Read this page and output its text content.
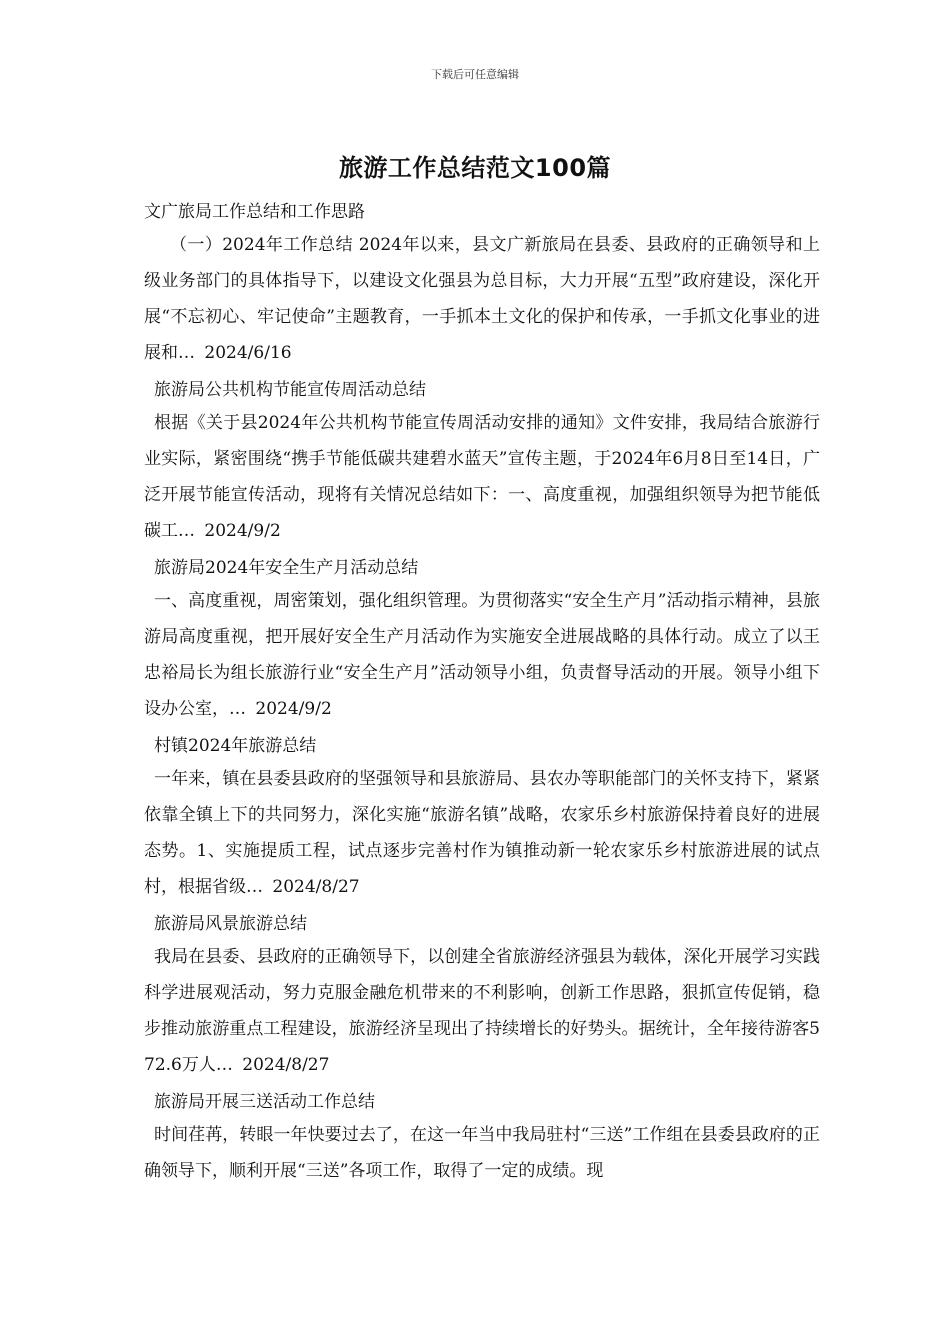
下载后可任意编辑
旅游工作总结范文100篇

文广旅局工作总结和工作思路

（一）2024年工作总结 2024年以来，县文广新旅局在县委、县政府的正确领导和上级业务部门的具体指导下，以建设文化强县为总目标，大力开展“五型”政府建设，深化开展“不忘初心、牢记使命”主题教育，一手抓本土文化的保护和传承，一手抓文化事业的进展和… 2024/6/16

旅游局公共机构节能宣传周活动总结

根据《关于县2024年公共机构节能宣传周活动安排的通知》文件安排，我局结合旅游行业实际，紧密围绕“携手节能低碳共建碧水蓝天”宣传主题，于2024年6月8日至14日，广泛开展节能宣传活动，现将有关情况总结如下：一、高度重视，加强组织领导为把节能低碳工… 2024/9/2

旅游局2024年安全生产月活动总结

一、高度重视，周密策划，强化组织管理。为贯彻落实“安全生产月”活动指示精神，县旅游局高度重视，把开展好安全生产月活动作为实施安全进展战略的具体行动。成立了以王忠裕局长为组长旅游行业“安全生产月”活动领导小组，负责督导活动的开展。领导小组下设办公室，… 2024/9/2

村镇2024年旅游总结

一年来，镇在县委县政府的坚强领导和县旅游局、县农办等职能部门的关怀支持下，紧紧依靠全镇上下的共同努力，深化实施“旅游名镇”战略，农家乐乡村旅游保持着良好的进展态势。1、实施提质工程，试点逐步完善村作为镇推动新一轮农家乐乡村旅游进展的试点村，根据省级… 2024/8/27

旅游局风景旅游总结

我局在县委、县政府的正确领导下，以创建全省旅游经济强县为载体，深化开展学习实践科学进展观活动，努力克服金融危机带来的不利影响，创新工作思路，狠抓宣传促销，稳步推动旅游重点工程建设，旅游经济呈现出了持续增长的好势头。据统计，全年接待游客572.6万人… 2024/8/27

旅游局开展三送活动工作总结

时间荏苒，转眼一年快要过去了，在这一年当中我局驻村“三送”工作组在县委县政府的正确领导下，顺利开展“三送”各项工作，取得了一定的成绩。现
